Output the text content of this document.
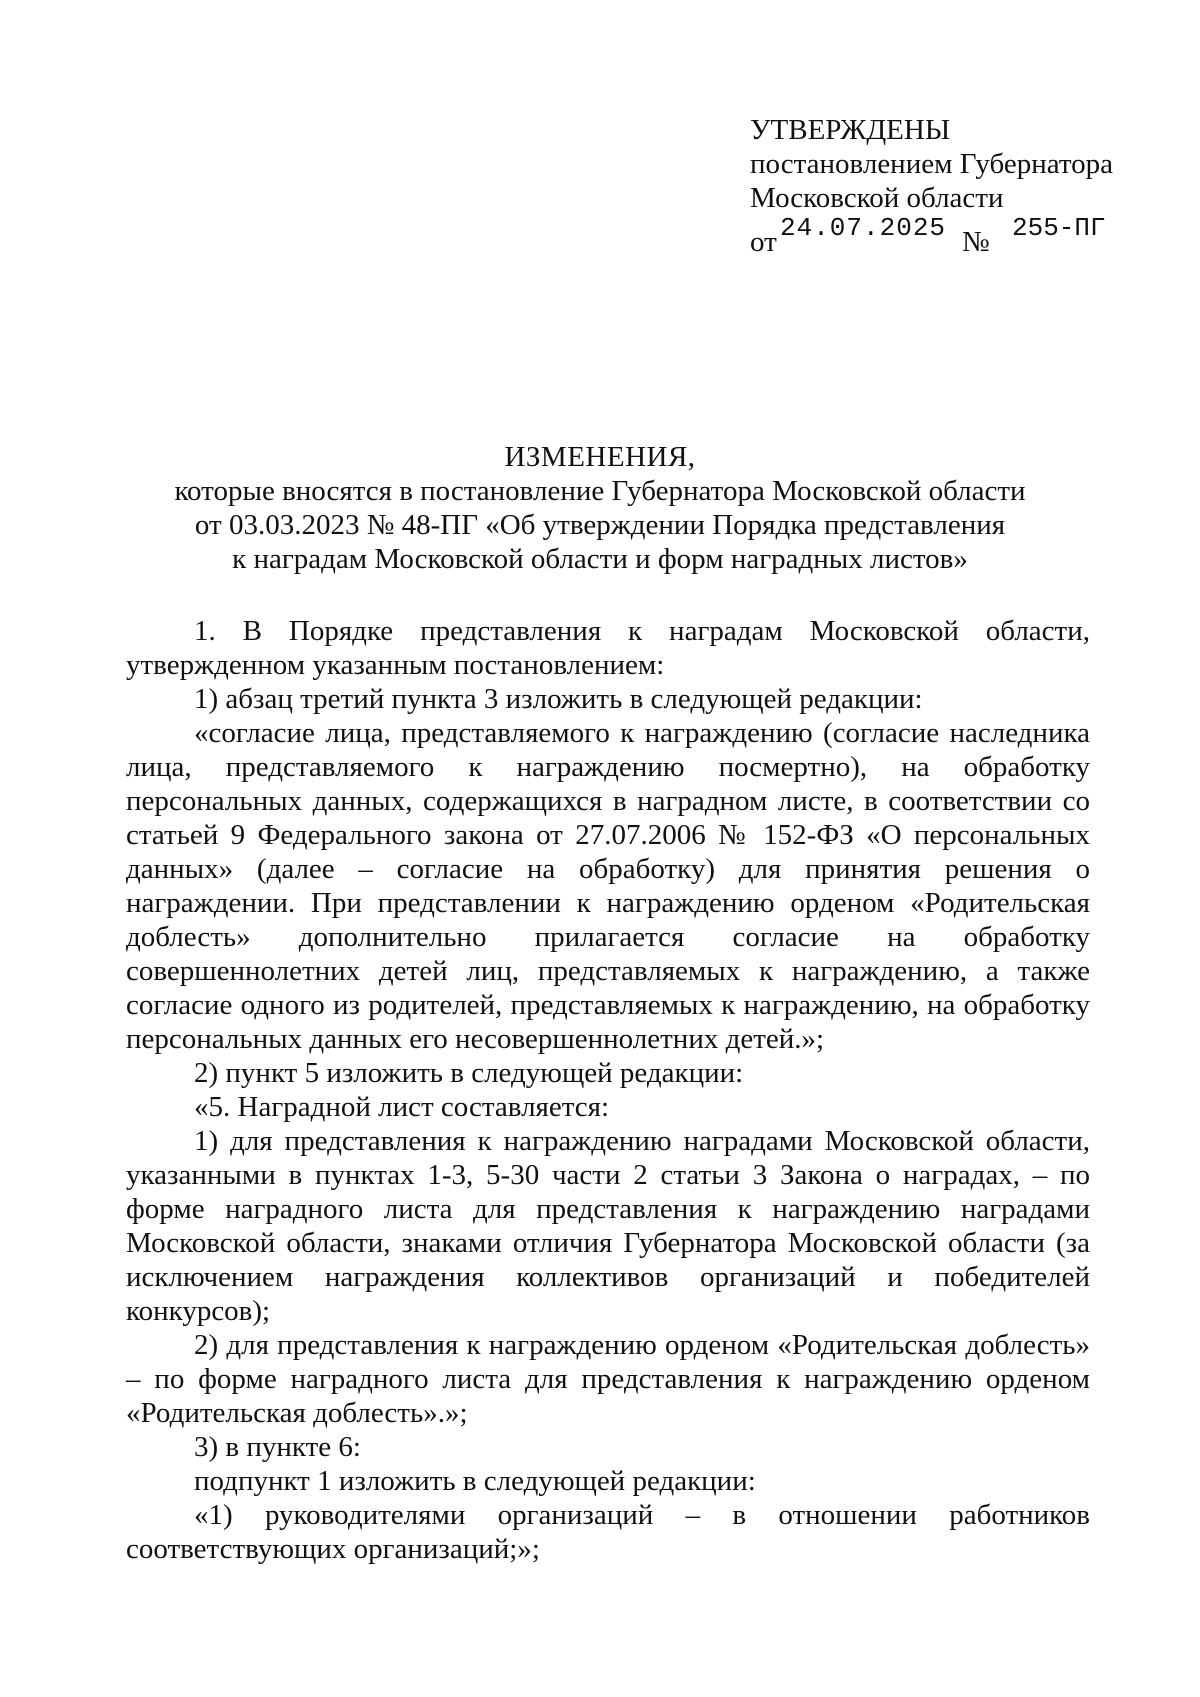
УТВЕРЖДЕНЫ
постановлением Губернатора
Московской области
от 24.07.2025 № 255-ПГ
ИЗМЕНЕНИЯ,
которые вносятся в постановление Губернатора Московской области
от 03.03.2023 № 48-ПГ «Об утверждении Порядка представления
к наградам Московской области и форм наградных листов»

1. В Порядке представления к наградам Московской области, утвержденном указанным постановлением:

1) абзац третий пункта 3 изложить в следующей редакции:

«согласие лица, представляемого к награждению (согласие наследника лица, представляемого к награждению посмертно), на обработку персональных данных, содержащихся в наградном листе, в соответствии со статьей 9 Федерального закона от 27.07.2006 № 152-ФЗ «О персональных данных» (далее – согласие на обработку) для принятия решения о награждении. При представлении к награждению орденом «Родительская доблесть» дополнительно прилагается согласие на обработку совершеннолетних детей лиц, представляемых к награждению, а также согласие одного из родителей, представляемых к награждению, на обработку персональных данных его несовершеннолетних детей.»;

2) пункт 5 изложить в следующей редакции:

«5. Наградной лист составляется:

1) для представления к награждению наградами Московской области, указанными в пунктах 1-3, 5-30 части 2 статьи 3 Закона о наградах, – по форме наградного листа для представления к награждению наградами Московской области, знаками отличия Губернатора Московской области (за исключением награждения коллективов организаций и победителей конкурсов);

2) для представления к награждению орденом «Родительская доблесть» – по форме наградного листа для представления к награждению орденом «Родительская доблесть».»;

3) в пункте 6:

подпункт 1 изложить в следующей редакции:

«1) руководителями организаций – в отношении работников соответствующих организаций;»;
